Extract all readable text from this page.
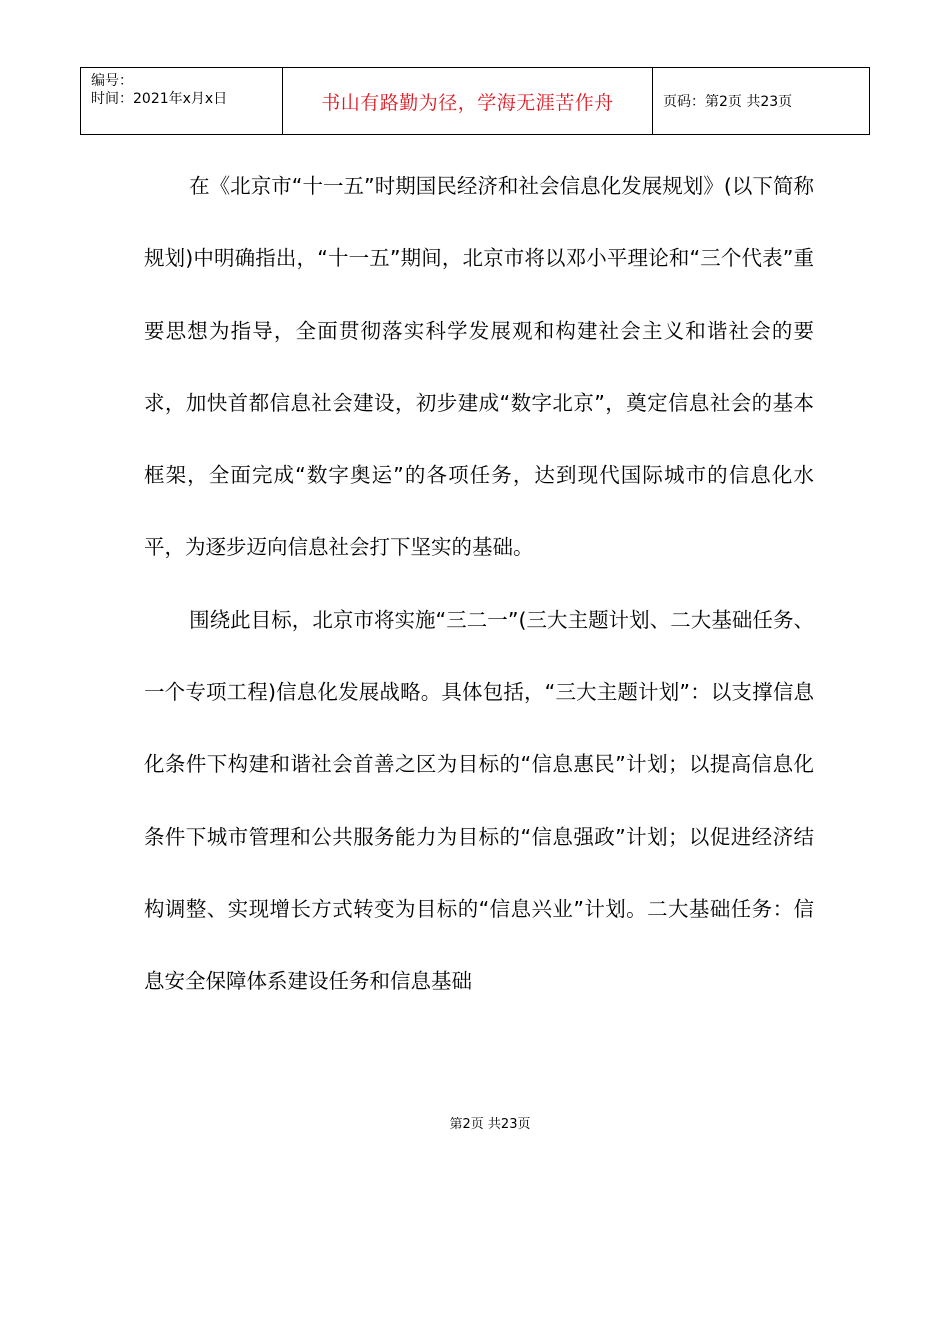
编号：
时间：2021年x月x日	书山有路勤为径，学海无涯苦作舟	页码：第2页 共23页

在《北京市“十一五”时期国民经济和社会信息化发展规划》(以下简称规划)中明确指出，“十一五”期间，北京市将以邓小平理论和“三个代表”重要思想为指导，全面贯彻落实科学发展观和构建社会主义和谐社会的要求，加快首都信息社会建设，初步建成“数字北京”，奠定信息社会的基本框架，全面完成“数字奥运”的各项任务，达到现代国际城市的信息化水平，为逐步迈向信息社会打下坚实的基础。

围绕此目标，北京市将实施“三二一”(三大主题计划、二大基础任务、一个专项工程)信息化发展战略。具体包括，“三大主题计划”：以支撑信息化条件下构建和谐社会首善之区为目标的“信息惠民”计划；以提高信息化条件下城市管理和公共服务能力为目标的“信息强政”计划；以促进经济结构调整、实现增长方式转变为目标的“信息兴业”计划。二大基础任务：信息安全保障体系建设任务和信息基础

第2页 共23页
